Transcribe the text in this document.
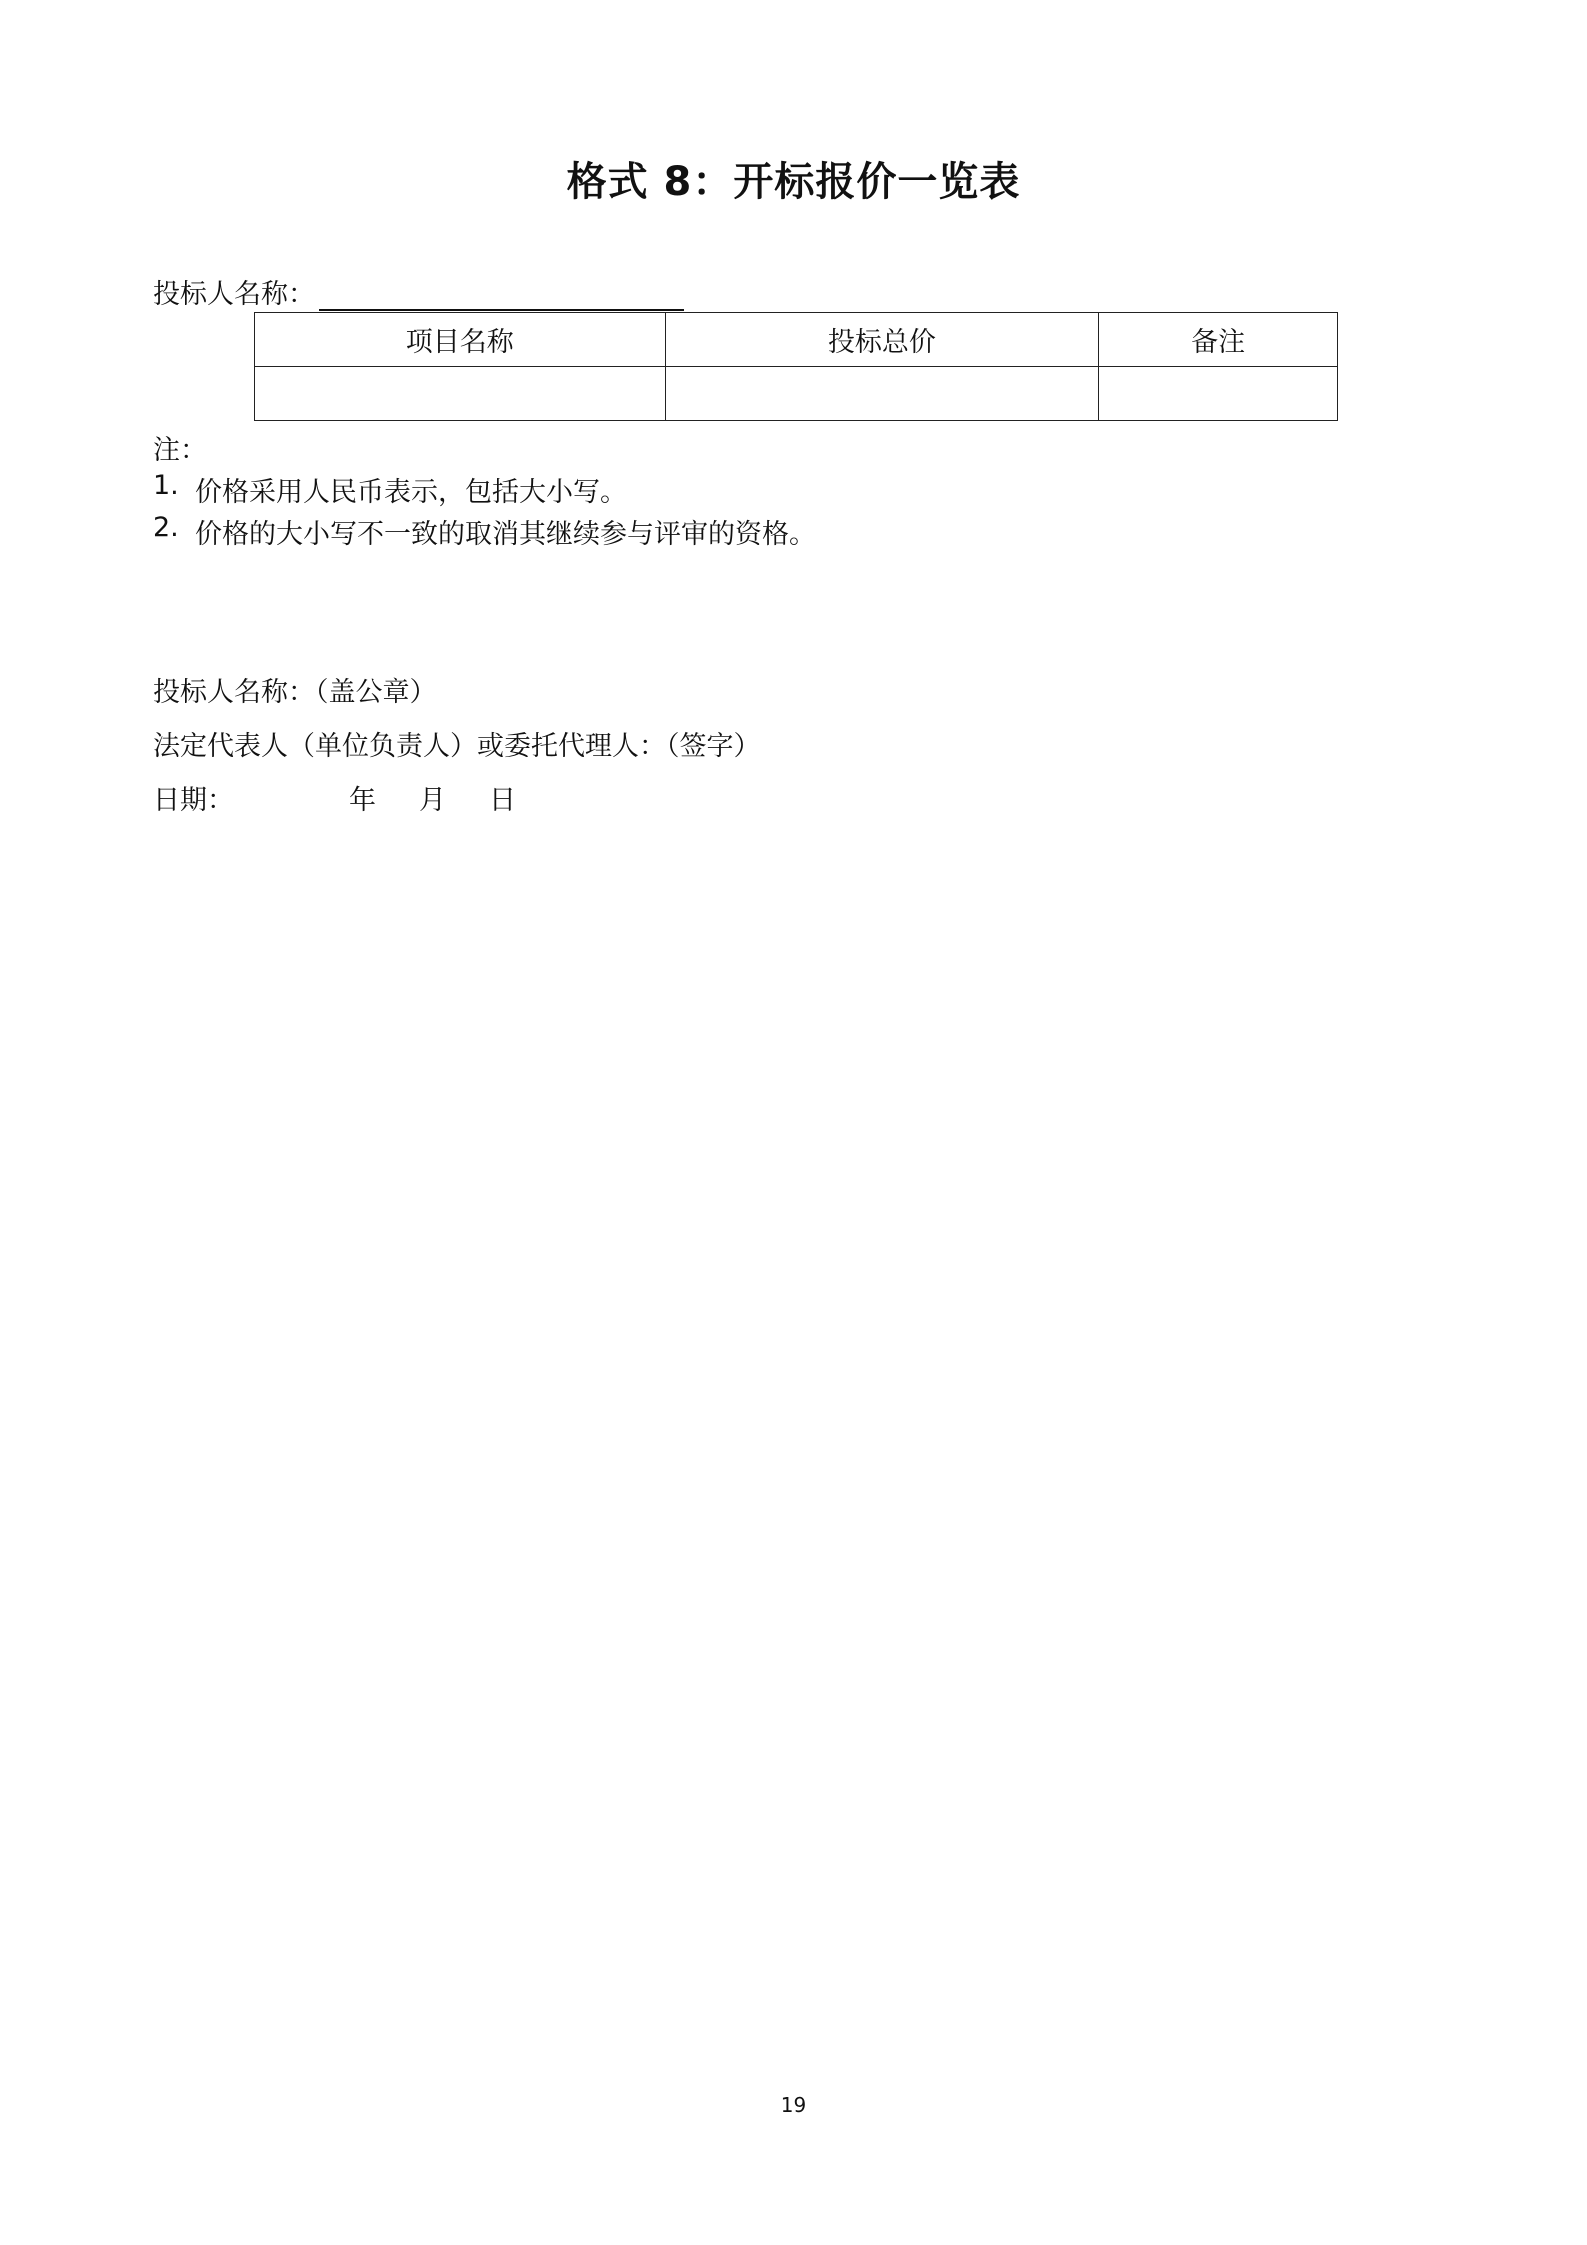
格式 8：开标报价一览表
投标人名称：
项目名称	投标总价	备注

注：
1. 价格采用人民币表示，包括大小写。
2. 价格的大小写不一致的取消其继续参与评审的资格。
投标人名称：（盖公章）
法定代表人（单位负责人）或委托代理人：（签字）
日期：	年	月	日
19
